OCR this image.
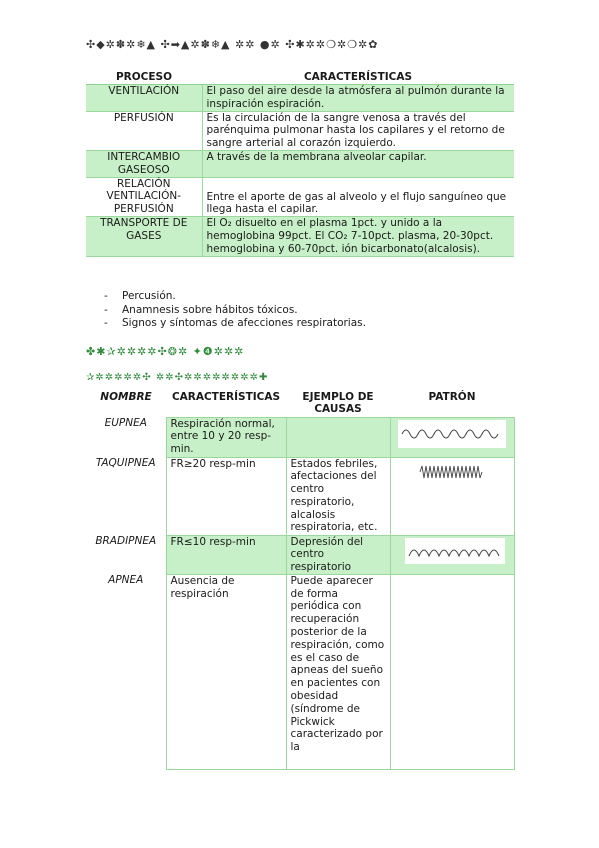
✣◆✲✽✲❄▲ ✣➡▲✲✽❄▲ ✲✲ ●✲ ✣✱✲✲❍✲❍✲✿
PROCESO	CARACTERÍSTICAS
VENTILACIÓN	El paso del aire desde la atmósfera al pulmón durante la inspiración espiración.
PERFUSIÓN	Es la circulación de la sangre venosa a través del parénquima pulmonar hasta los capilares y el retorno de sangre arterial al corazón izquierdo.
INTERCAMBIO GASEOSO	A través de la membrana alveolar capilar.
RELACIÓN VENTILACIÓN-PERFUSIÓN	Entre el aporte de gas al alveolo y el flujo sanguíneo que llega hasta el capilar.
TRANSPORTE DE GASES	El O₂ disuelto en el plasma 1pct. y unido a la hemoglobina 99pct. El CO₂ 7-10pct. plasma, 20-30pct. hemoglobina y 60-70pct. ión bicarbonato(alcalosis).
- Percusión.
- Anamnesis sobre hábitos tóxicos.
- Signos y síntomas de afecciones respiratorias.
✤✱✰✲✲✲✲✣❂✲ ✦❹✲✲✲
✰✲✲✲✲✲✣ ✲✲✣✲✲✲✲✲✲✲✲✚
NOMBRE	CARACTERÍSTICAS	EJEMPLO DE CAUSAS	PATRÓN
EUPNEA	Respiración normal, entre 10 y 20 resp-min.		

TAQUIPNEA	FR≥20 resp-min	Estados febriles, afectaciones del centro respiratorio, alcalosis respiratoria, etc.	

BRADIPNEA	FR≤10 resp-min	Depresión del centro respiratorio	

APNEA	Ausencia de respiración	Puede aparecer de forma periódica con recuperación posterior de la respiración, como es el caso de apneas del sueño en pacientes con obesidad (síndrome de Pickwick caracterizado por la	
